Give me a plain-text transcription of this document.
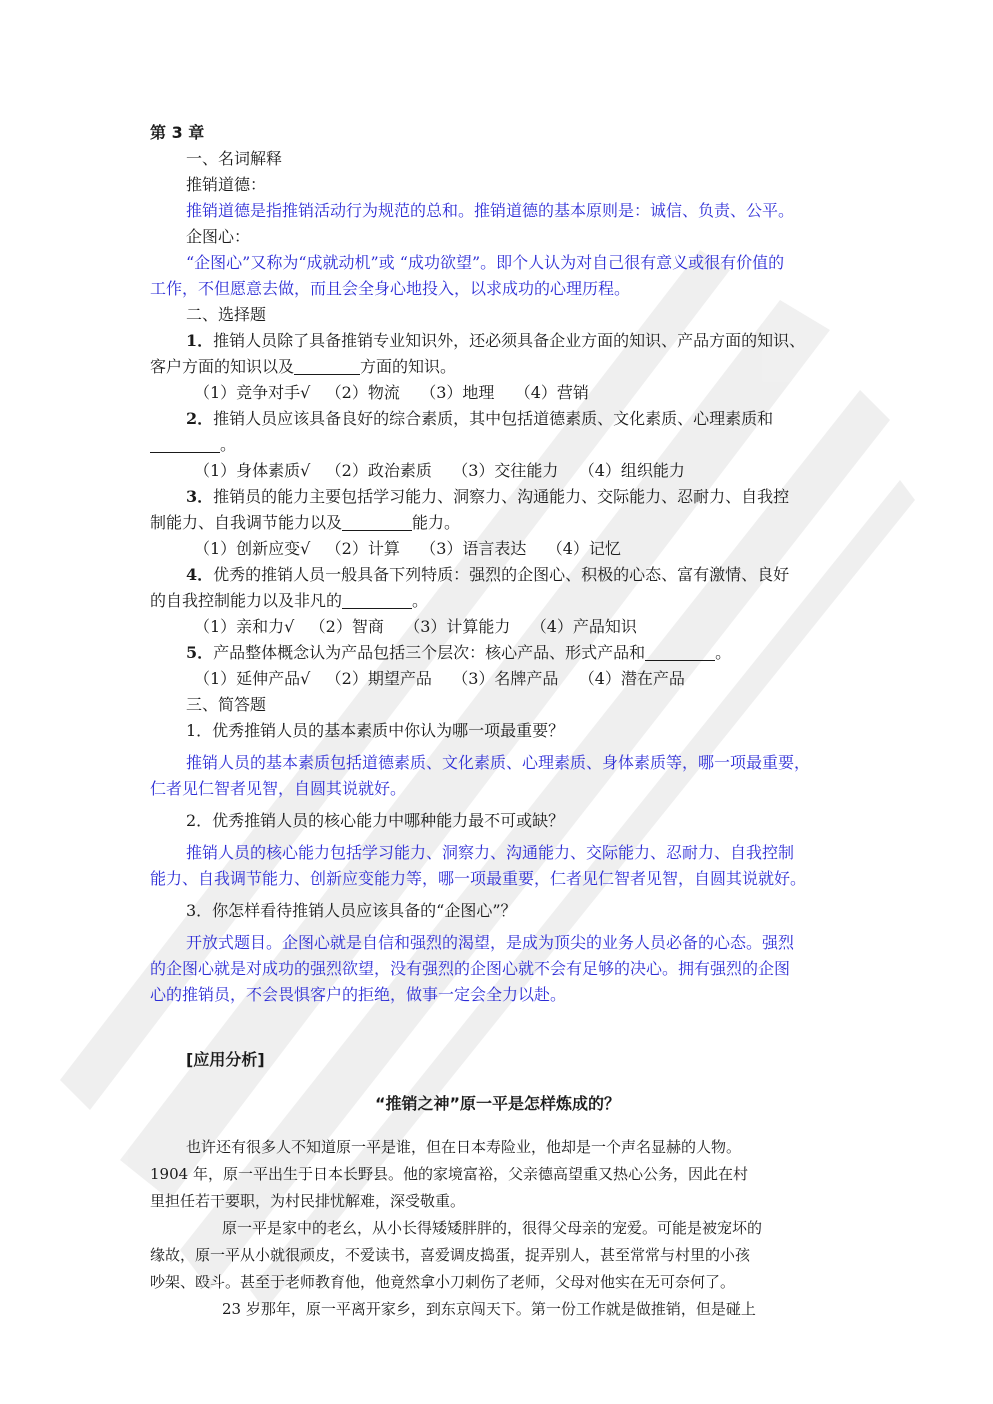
第 3 章

一、名词解释

推销道德：

推销道德是指推销活动行为规范的总和。推销道德的基本原则是：诚信、负责、公平。

企图心：

“企图心”又称为“成就动机”或 “成功欲望”。即个人认为对自己很有意义或很有价值的

工作，不但愿意去做，而且会全身心地投入，以求成功的心理历程。

二、选择题

1．推销人员除了具备推销专业知识外，还必须具备企业方面的知识、产品方面的知识、

客户方面的知识以及	方面的知识。

（1）竞争对手√ （2）物流 （3）地理 （4）营销

2．推销人员应该具备良好的综合素质，其中包括道德素质、文化素质、心理素质和

。

（1）身体素质√ （2）政治素质 （3）交往能力 （4）组织能力

3．推销员的能力主要包括学习能力、洞察力、沟通能力、交际能力、忍耐力、自我控

制能力、自我调节能力以及	能力。

（1）创新应变√ （2）计算 （3）语言表达 （4）记忆

4．优秀的推销人员一般具备下列特质：强烈的企图心、积极的心态、富有激情、良好

的自我控制能力以及非凡的	。

（1）亲和力√ （2）智商 （3）计算能力 （4）产品知识

5．产品整体概念认为产品包括三个层次：核心产品、形式产品和	。

（1）延伸产品√ （2）期望产品 （3）名牌产品 （4）潜在产品

三、简答题

1．优秀推销人员的基本素质中你认为哪一项最重要？

推销人员的基本素质包括道德素质、文化素质、心理素质、身体素质等，哪一项最重要，

仁者见仁智者见智，自圆其说就好。

2．优秀推销人员的核心能力中哪种能力最不可或缺？

推销人员的核心能力包括学习能力、洞察力、沟通能力、交际能力、忍耐力、自我控制

能力、自我调节能力、创新应变能力等，哪一项最重要，仁者见仁智者见智，自圆其说就好。

3．你怎样看待推销人员应该具备的“企图心”？

开放式题目。企图心就是自信和强烈的渴望，是成为顶尖的业务人员必备的心态。强烈

的企图心就是对成功的强烈欲望，没有强烈的企图心就不会有足够的决心。拥有强烈的企图

心的推销员，不会畏惧客户的拒绝，做事一定会全力以赴。

[应用分析]

“推销之神”原一平是怎样炼成的？

也许还有很多人不知道原一平是谁，但在日本寿险业，他却是一个声名显赫的人物。

1904 年，原一平出生于日本长野县。他的家境富裕，父亲德高望重又热心公务，因此在村

里担任若干要职，为村民排忧解难，深受敬重。

原一平是家中的老幺，从小长得矮矮胖胖的，很得父母亲的宠爱。可能是被宠坏的

缘故，原一平从小就很顽皮，不爱读书，喜爱调皮捣蛋，捉弄别人，甚至常常与村里的小孩

吵架、殴斗。甚至于老师教育他，他竟然拿小刀刺伤了老师，父母对他实在无可奈何了。

23 岁那年，原一平离开家乡，到东京闯天下。第一份工作就是做推销，但是碰上
